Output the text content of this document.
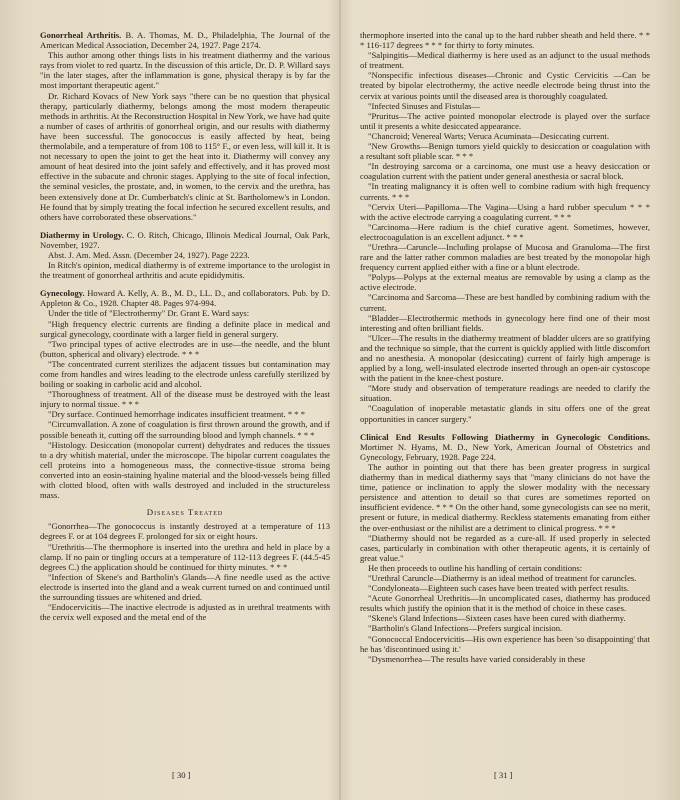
Gonorrheal Arthritis. B. A. Thomas, M. D., Philadelphia, The Journal of the American Medical Association, December 24, 1927. Page 2174.

This author among other things lists in his treatment diathermy and the various rays from violet to red quartz. In the discussion of this article, Dr. D. P. Willard says "in the later stages, after the inflammation is gone, physical therapy is by far the most important therapeutic agent."

Dr. Richard Kovacs of New York says "there can be no question that physical therapy, particularly diathermy, belongs among the most modern therapeutic methods in arthritis. At the Reconstruction Hospital in New York, we have had quite a number of cases of arthritis of gonorrheal origin, and our results with diathermy have been successful. The gonococcus is easily affected by heat, being thermolabile, and a temperature of from 108 to 115° F., or even less, will kill it. It is not necessary to open the joint to get the heat into it. Diathermy will convey any amount of heat desired into the joint safely and effectively, and it has proved most effective in the subacute and chronic stages. Applying to the site of focal infection, the seminal vesicles, the prostate, and, in women, to the cervix and the urethra, has been extensively done at Dr. Cumberbatch's clinic at St. Bartholomew's in London. He found that by simply treating the focal infection he secured excellent results, and others have corroborated these observations."

Diathermy in Urology. C. O. Ritch, Chicago, Illinois Medical Journal, Oak Park, November, 1927.

Abst. J. Am. Med. Assn. (December 24, 1927). Page 2223.

In Ritch's opinion, medical diathermy is of extreme importance to the urologist in the treatment of gonorrheal arthritis and acute epididymitis.

Gynecology. Howard A. Kelly, A. B., M. D., LL. D., and collaborators. Pub. by D. Appleton & Co., 1928. Chapter 48. Pages 974-994.

Under the title of "Electrothermy" Dr. Grant E. Ward says:

"High frequency electric currents are finding a definite place in medical and surgical gynecology, coordinate with a larger field in general surgery.

"Two principal types of active electrodes are in use—the needle, and the blunt (button, spherical and olivary) electrode. * * *

"The concentrated current sterilizes the adjacent tissues but contamination may come from handles and wires leading to the electrode unless carefully sterilized by boiling or soaking in carbolic acid and alcohol.

"Thoroughness of treatment. All of the disease must be destroyed with the least injury to normal tissue. * * *

"Dry surface. Continued hemorrhage indicates insufficient treatment. * * *

"Circumvallation. A zone of coagulation is first thrown around the growth, and if possible beneath it, cutting off the surrounding blood and lymph channels. * * *

"Histology. Desiccation (monopolar current) dehydrates and reduces the tissues to a dry whitish material, under the microscope. The bipolar current coagulates the cell proteins into a homogeneous mass, the connective-tissue stroma being converted into an eosin-staining hyaline material and the blood-vessels being filled with clotted blood, often with walls destroyed and included in the structureless mass.

Diseases Treated

"Gonorrhea—The gonococcus is instantly destroyed at a temperature of 113 degrees F. or at 104 degrees F. prolonged for six or eight hours.

"Urethritis—The thermophore is inserted into the urethra and held in place by a clamp. If no pain or tingling occurs at a temperature of 112-113 degrees F. (44.5-45 degrees C.) the application should be continued for thirty minutes. * * *

"Infection of Skene's and Bartholin's Glands—A fine needle used as the active electrode is inserted into the gland and a weak current turned on and continued until the surrounding tissues are whitened and dried.

"Endocervicitis—The inactive electrode is adjusted as in urethral treatments with the cervix well exposed and the metal end of the

thermophore inserted into the canal up to the hard rubber sheath and held there. * * * 116-117 degrees * * * for thirty to forty minutes.

"Salpingitis—Medical diathermy is here used as an adjunct to the usual methods of treatment.

"Nonspecific infectious diseases—Chronic and Cystic Cervicitis —Can be treated by bipolar electrothermy, the active needle electrode being thrust into the cervix at various points until the diseased area is thoroughly coagulated.

"Infected Sinuses and Fistulas—

"Pruritus—The active pointed monopolar electrode is played over the surface until it presents a white desiccated appearance.

"Chancroid; Venereal Warts; Veruca Acuminata—Desiccating current.

"New Growths—Benign tumors yield quickly to desiccation or coagulation with a resultant soft pliable scar. * * *

"In destroying sarcoma or a carcinoma, one must use a heavy desiccation or coagulation current with the patient under general anesthesia or sacral block.

"In treating malignancy it is often well to combine radium with high frequency currents. * * *

"Cervix Uteri—Papilloma—The Vagina—Using a hard rubber speculum * * * with the active electrode carrying a coagulating current. * * *

"Carcinoma—Here radium is the chief curative agent. Sometimes, however, electrocoagulation is an excellent adjunct. * * *

"Urethra—Caruncle—Including prolapse of Mucosa and Granuloma—The first rare and the latter rather common maladies are best treated by the monopolar high frequency current applied either with a fine or a blunt electrode.

"Polyps—Polyps at the external meatus are removable by using a clamp as the active electrode.

"Carcinoma and Sarcoma—These are best handled by combining radium with the current.

"Bladder—Electrothermic methods in gynecology here find one of their most interesting and often brilliant fields.

"Ulcer—The results in the diathermy treatment of bladder ulcers are so gratifying and the technique so simple, that the current is quickly applied with little discomfort and no anesthesia. A monopolar (desiccating) current of fairly high amperage is applied by a long, well-insulated electrode inserted through an open-air cystoscope with the patient in the knee-chest posture.

"More study and observation of temperature readings are needed to clarify the situation.

"Coagulation of inoperable metastatic glands in situ offers one of the great opportunities in cancer surgery."

Clinical End Results Following Diathermy in Gynecologic Conditions. Mortimer N. Hyams, M. D., New York, American Journal of Obstetrics and Gynecology, February, 1928. Page 224.

The author in pointing out that there has been greater progress in surgical diathermy than in medical diathermy says that "many clinicians do not have the time, patience or inclination to apply the slower modality with the necessary persistence and attention to detail so that cures are sometimes reported on insufficient evidence. * * * On the other hand, some gynecologists can see no merit, present or future, in medical diathermy. Reckless statements emanating from either the over-enthusiast or the nihilist are a detriment to clinical progress. * * *

"Diathermy should not be regarded as a cure-all. If used properly in selected cases, particularly in combination with other therapeutic agents, it is certainly of great value."

He then proceeds to outline his handling of certain conditions:

"Urethral Caruncle—Diathermy is an ideal method of treatment for caruncles.

"Condyloneata—Eighteen such cases have been treated with perfect results.

"Acute Gonorrheal Urethritis—In uncomplicated cases, diathermy has produced results which justify the opinion that it is the method of choice in these cases.

"Skene's Gland Infections—Sixteen cases have been cured with diathermy.

"Bartholin's Gland Infections—Prefers surgical incision.

"Gonococcal Endocervicitis—His own experience has been 'so disappointing' that he has 'discontinued using it.'

"Dysmenorrhea—The results have varied considerably in these

[ 30 ]	[ 31 ]
